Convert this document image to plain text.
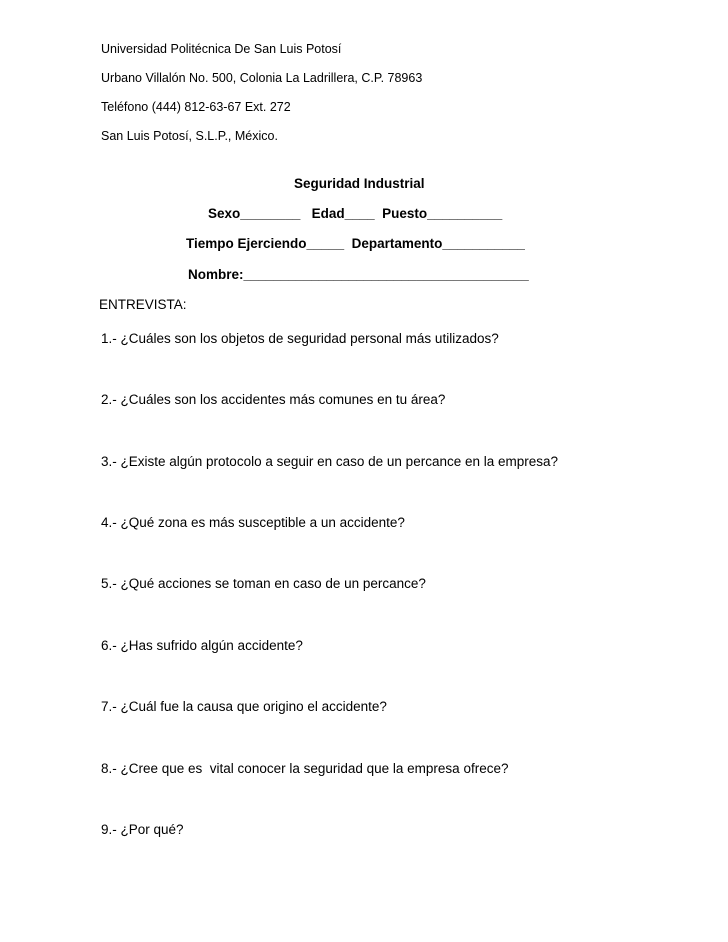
Universidad Politécnica De San Luis Potosí
Urbano Villalón No. 500, Colonia La Ladrillera, C.P. 78963
Teléfono (444) 812-63-67 Ext. 272
San Luis Potosí, S.L.P., México.
Seguridad Industrial
Sexo________   Edad____  Puesto__________
Tiempo Ejerciendo_____  Departamento___________
Nombre:______________________________________
ENTREVISTA:
1.- ¿Cuáles son los objetos de seguridad personal más utilizados?
2.- ¿Cuáles son los accidentes más comunes en tu área?
3.- ¿Existe algún protocolo a seguir en caso de un percance en la empresa?
4.- ¿Qué zona es más susceptible a un accidente?
5.- ¿Qué acciones se toman en caso de un percance?
6.- ¿Has sufrido algún accidente?
7.- ¿Cuál fue la causa que origino el accidente?
8.- ¿Cree que es  vital conocer la seguridad que la empresa ofrece?
9.- ¿Por qué?
